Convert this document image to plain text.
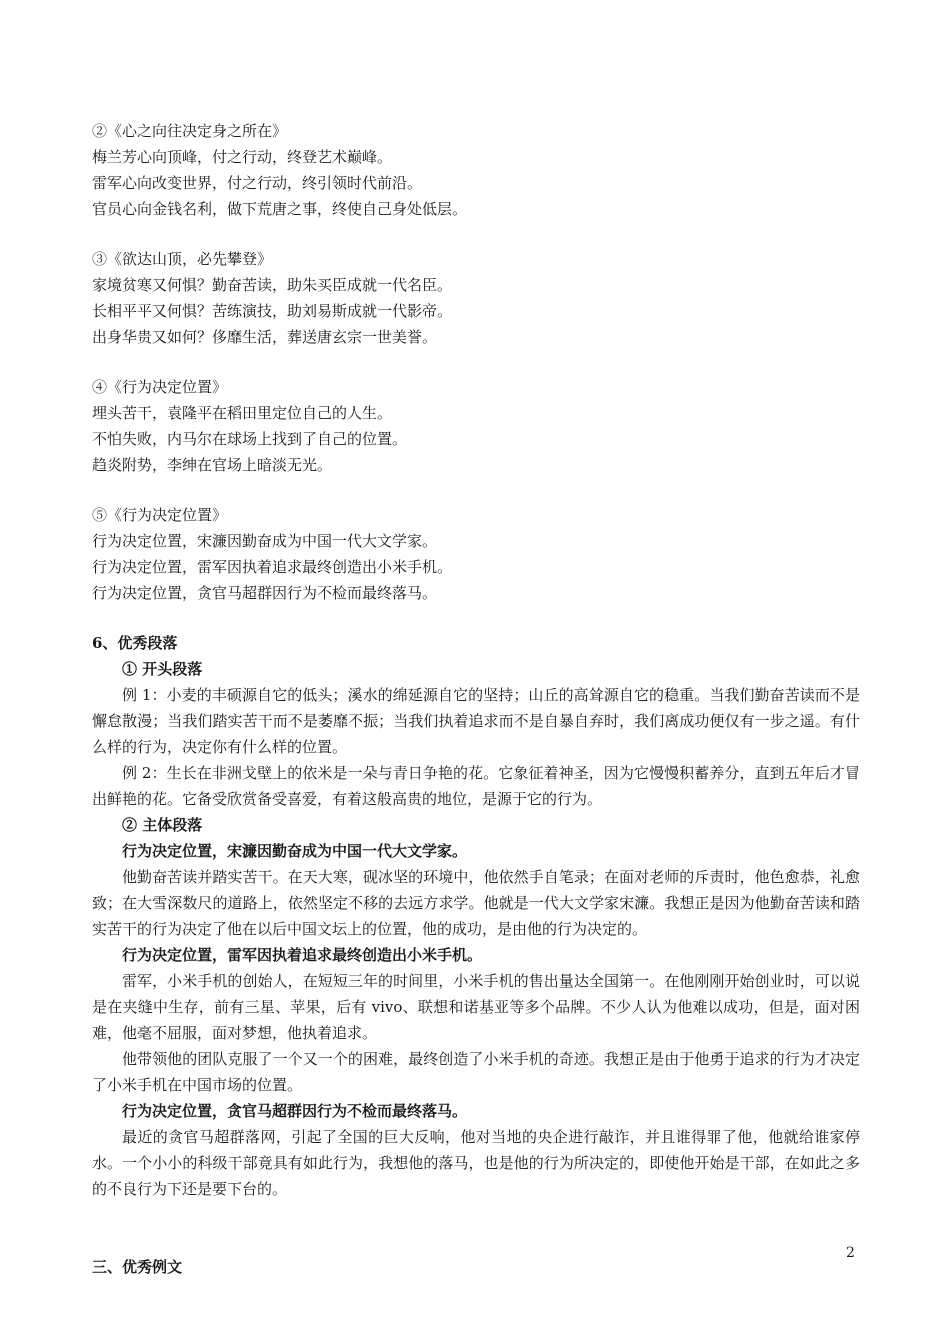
②《心之向往决定身之所在》
梅兰芳心向顶峰，付之行动，终登艺术巅峰。
雷军心向改变世界，付之行动，终引领时代前沿。
官员心向金钱名利，做下荒唐之事，终使自己身处低层。
③《欲达山顶，必先攀登》
家境贫寒又何惧？勤奋苦读，助朱买臣成就一代名臣。
长相平平又何惧？苦练演技，助刘易斯成就一代影帝。
出身华贵又如何？侈靡生活，葬送唐玄宗一世美誉。
④《行为决定位置》
埋头苦干，袁隆平在稻田里定位自己的人生。
不怕失败，内马尔在球场上找到了自己的位置。
趋炎附势，李绅在官场上暗淡无光。
⑤《行为决定位置》
行为决定位置，宋濂因勤奋成为中国一代大文学家。
行为决定位置，雷军因执着追求最终创造出小米手机。
行为决定位置，贪官马超群因行为不检而最终落马。
6、优秀段落
① 开头段落
例 1：小麦的丰硕源自它的低头；溪水的绵延源自它的坚持；山丘的高耸源自它的稳重。当我们勤奋苦读而不是懈怠散漫；当我们踏实苦干而不是萎靡不振；当我们执着追求而不是自暴自弃时，我们离成功便仅有一步之遥。有什么样的行为，决定你有什么样的位置。
例 2：生长在非洲戈壁上的依米是一朵与青日争艳的花。它象征着神圣，因为它慢慢积蓄养分，直到五年后才冒出鲜艳的花。它备受欣赏备受喜爱，有着这般高贵的地位，是源于它的行为。
② 主体段落
行为决定位置，宋濂因勤奋成为中国一代大文学家。
他勤奋苦读并踏实苦干。在天大寒，砚冰坚的环境中，他依然手自笔录；在面对老师的斥责时，他色愈恭，礼愈致；在大雪深数尺的道路上，依然坚定不移的去远方求学。他就是一代大文学家宋濂。我想正是因为他勤奋苦读和踏实苦干的行为决定了他在以后中国文坛上的位置，他的成功，是由他的行为决定的。
行为决定位置，雷军因执着追求最终创造出小米手机。
雷军，小米手机的创始人，在短短三年的时间里，小米手机的售出量达全国第一。在他刚刚开始创业时，可以说是在夹缝中生存，前有三星、苹果，后有 vivo、联想和诺基亚等多个品牌。不少人认为他难以成功，但是，面对困难，他毫不屈服，面对梦想，他执着追求。
他带领他的团队克服了一个又一个的困难，最终创造了小米手机的奇迹。我想正是由于他勇于追求的行为才决定了小米手机在中国市场的位置。
行为决定位置，贪官马超群因行为不检而最终落马。
最近的贪官马超群落网，引起了全国的巨大反响，他对当地的央企进行敲诈，并且谁得罪了他，他就给谁家停水。一个小小的科级干部竟具有如此行为，我想他的落马，也是他的行为所决定的，即使他开始是干部，在如此之多的不良行为下还是要下台的。
三、优秀例文
2
